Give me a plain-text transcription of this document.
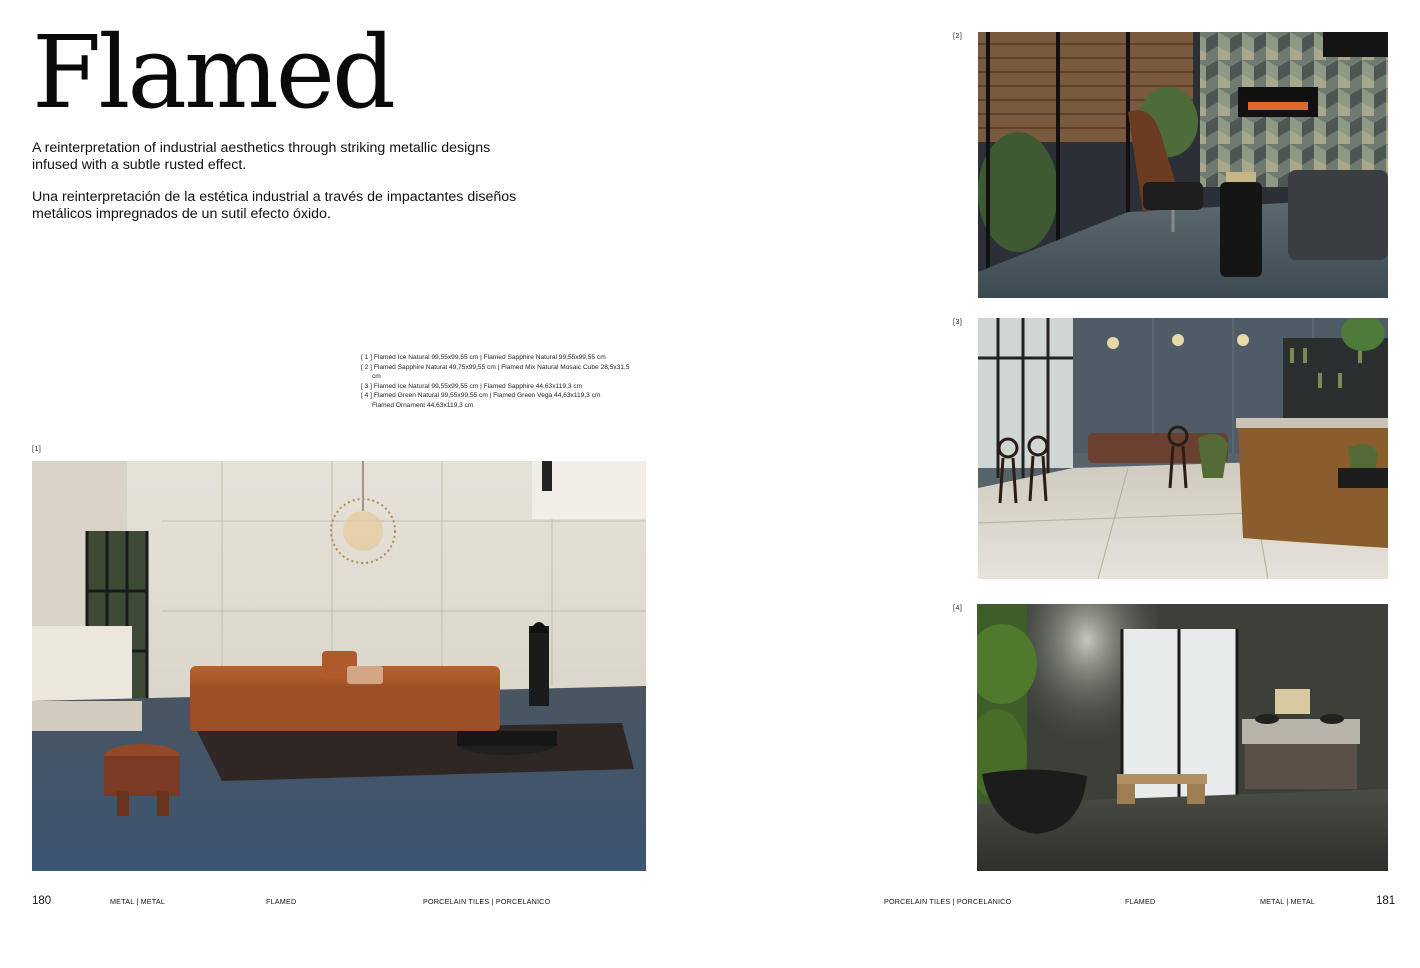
Flamed
A reinterpretation of industrial aesthetics through striking metallic designs infused with a subtle rusted effect.
Una reinterpretación de la estética industrial a través de impactantes diseños metálicos impregnados de un sutil efecto óxido.
[ 1 ] Flamed Ice Natural 99,55x99,55 cm | Flamed Sapphire Natural 99,55x99,55 cm
[ 2 ] Flamed Sapphire Natural 49,75x99,55 cm | Flamed Mix Natural Mosaic Cube 28,5x31,5
cm
[ 3 ] Flamed Ice Natural 99,55x99,55 cm | Flamed Sapphire 44,63x119,3 cm
[ 4 ] Flamed Green Natural 99,55x99,55 cm | Flamed Green Vega 44,63x119,3 cm
Flamed Ornament 44,63x119,3 cm
[1]
180	METAL | METAL	FLAMED	PORCELAIN TILES | PORCELANICO
[2]
[3]
[4]
PORCELAIN TILES | PORCELANICO	FLAMED	METAL | METAL	181
